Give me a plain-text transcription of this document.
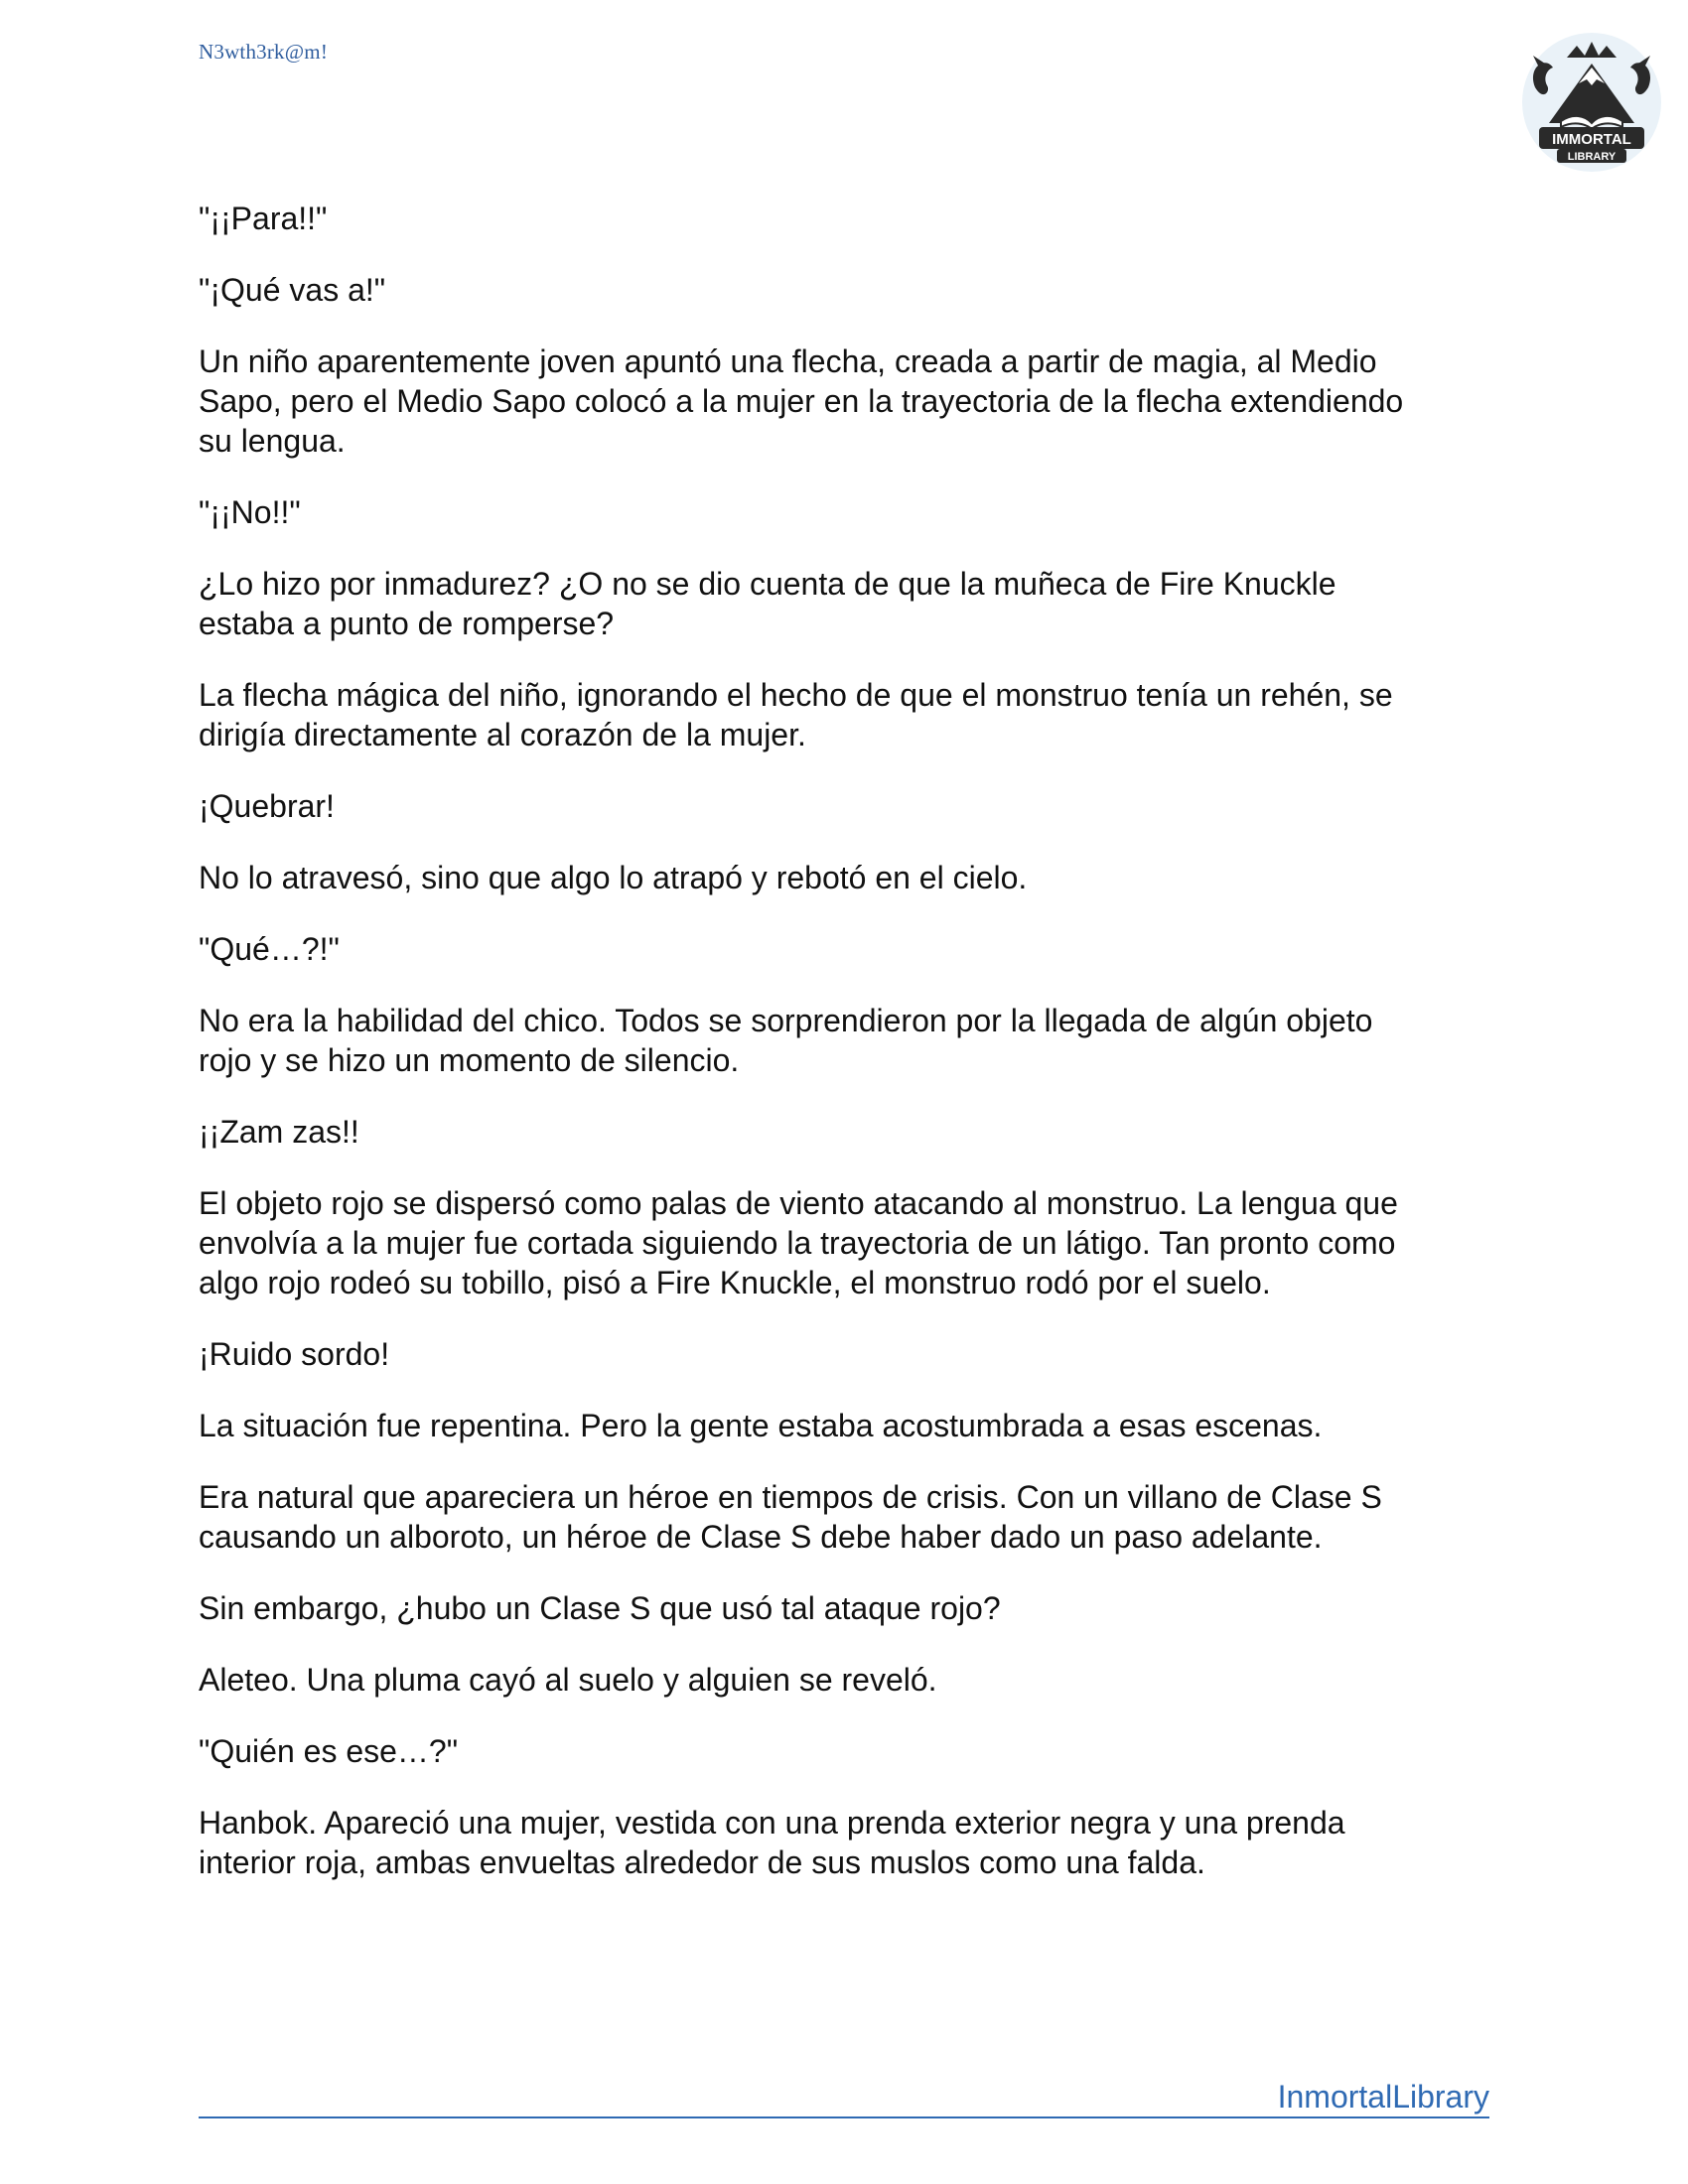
N3wth3rk@m!
IMMORTAL
LIBRARY

"¡¡Para!!"

"¡Qué vas a!"

Un niño aparentemente joven apuntó una flecha, creada a partir de magia, al Medio
Sapo, pero el Medio Sapo colocó a la mujer en la trayectoria de la flecha extendiendo
su lengua.

"¡¡No!!"

¿Lo hizo por inmadurez? ¿O no se dio cuenta de que la muñeca de Fire Knuckle
estaba a punto de romperse?

La flecha mágica del niño, ignorando el hecho de que el monstruo tenía un rehén, se
dirigía directamente al corazón de la mujer.

¡Quebrar!

No lo atravesó, sino que algo lo atrapó y rebotó en el cielo.

"Qué…?!"

No era la habilidad del chico. Todos se sorprendieron por la llegada de algún objeto
rojo y se hizo un momento de silencio.

¡¡Zam zas!!

El objeto rojo se dispersó como palas de viento atacando al monstruo. La lengua que
envolvía a la mujer fue cortada siguiendo la trayectoria de un látigo. Tan pronto como
algo rojo rodeó su tobillo, pisó a Fire Knuckle, el monstruo rodó por el suelo.

¡Ruido sordo!

La situación fue repentina. Pero la gente estaba acostumbrada a esas escenas.

Era natural que apareciera un héroe en tiempos de crisis. Con un villano de Clase S
causando un alboroto, un héroe de Clase S debe haber dado un paso adelante.

Sin embargo, ¿hubo un Clase S que usó tal ataque rojo?

Aleteo. Una pluma cayó al suelo y alguien se reveló.

"Quién es ese…?"

Hanbok. Apareció una mujer, vestida con una prenda exterior negra y una prenda
interior roja, ambas envueltas alrededor de sus muslos como una falda.

InmortalLibrary
